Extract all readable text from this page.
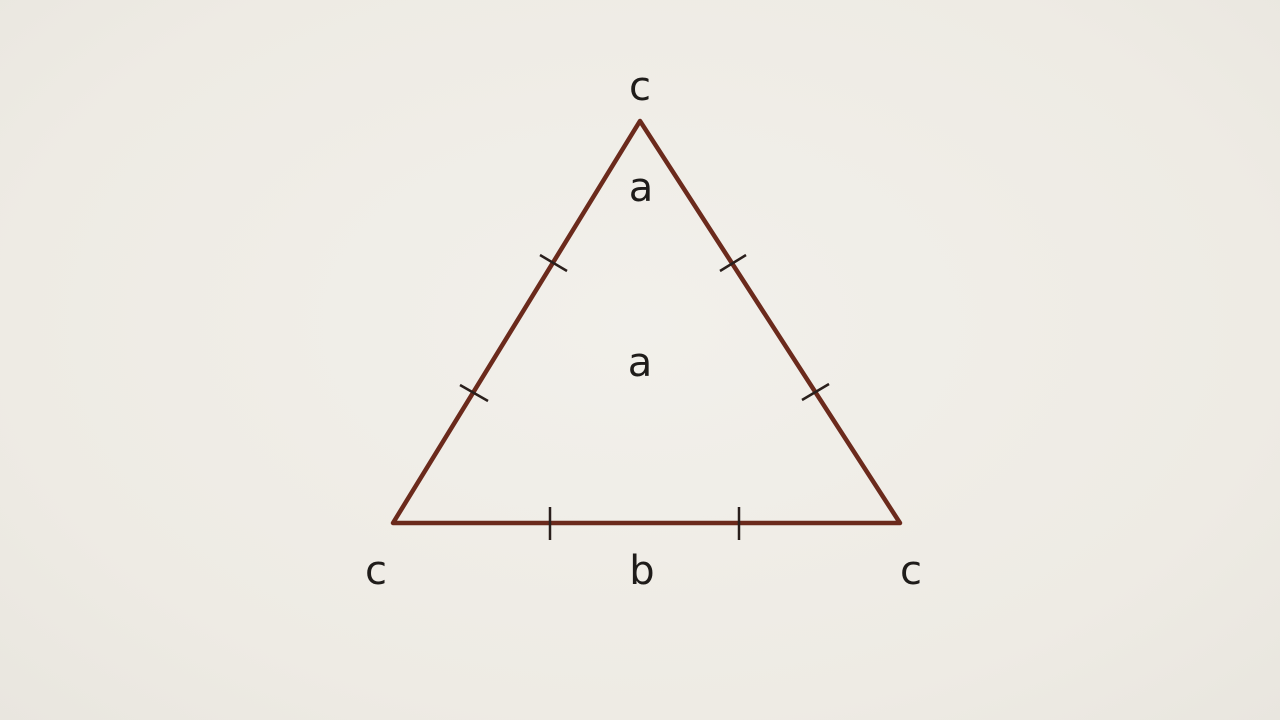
c
c	c
a
a
b
